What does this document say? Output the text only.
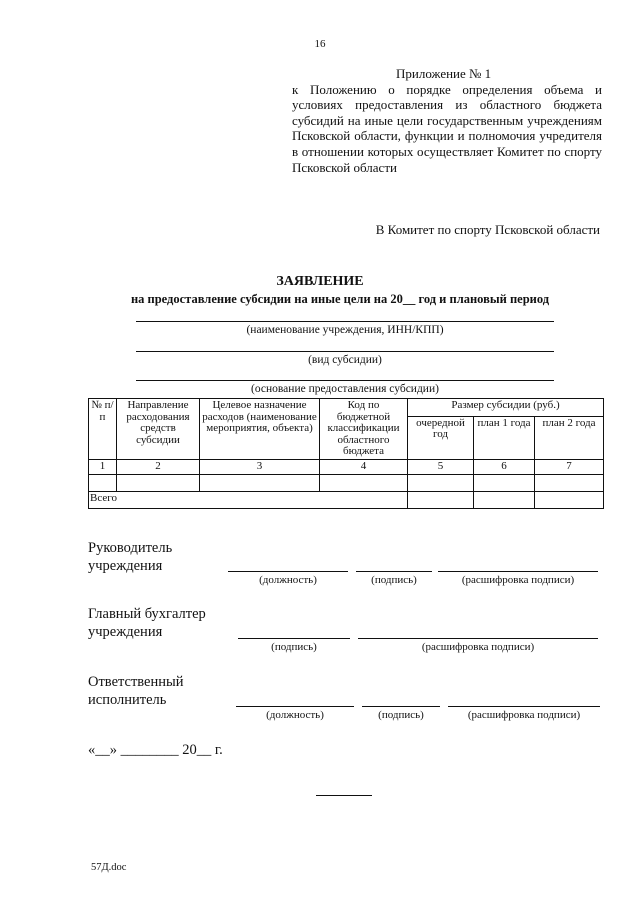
16
Приложение № 1
к Положению о порядке определения объема и условиях предоставления из областного бюджета субсидий на иные цели государственным учреждениям Псковской области, функции и полномочия учредителя в отношении которых осуществляет Комитет по спорту Псковской области
В Комитет по спорту Псковской области
ЗАЯВЛЕНИЕ
на предоставление субсидии на иные цели на 20__ год и плановый период
(наименование учреждения, ИНН/КПП)
(вид субсидии)
(основание предоставления субсидии)
№ п/п	Направление расходования средств субсидии	Целевое назначение расходов (наименование мероприятия, объекта)	Код по бюджетной классификации областного бюджета	Размер субсидии (руб.)		
				очередной год	план 1 года	план 2 года
1	2	3	4	5	6	7

Всего						
Руководитель
учреждения
(должность)	(подпись)	(расшифровка подписи)
Главный бухгалтер
учреждения
(подпись)	(расшифровка подписи)
Ответственный
исполнитель
(должность)	(подпись)	(расшифровка подписи)
«__» ________ 20__ г.
57Д.doc
